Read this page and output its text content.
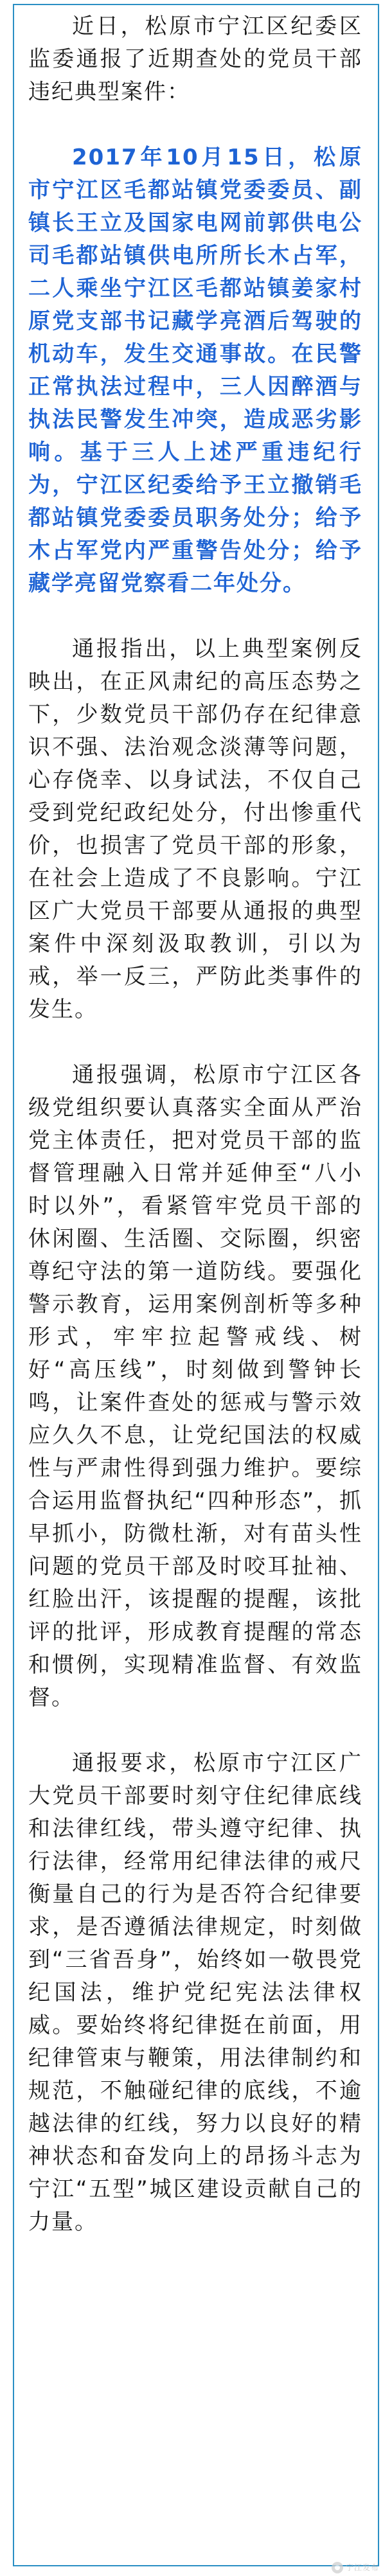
近日，松原市宁江区纪委区监委通报了近期查处的党员干部违纪典型案件：

2017年10月15日，松原市宁江区毛都站镇党委委员、副镇长王立及国家电网前郭供电公司毛都站镇供电所所长木占军，二人乘坐宁江区毛都站镇姜家村原党支部书记藏学亮酒后驾驶的机动车，发生交通事故。在民警正常执法过程中，三人因醉酒与执法民警发生冲突，造成恶劣影响。基于三人上述严重违纪行为，宁江区纪委给予王立撤销毛都站镇党委委员职务处分；给予木占军党内严重警告处分；给予藏学亮留党察看二年处分。

通报指出，以上典型案例反映出，在正风肃纪的高压态势之下，少数党员干部仍存在纪律意识不强、法治观念淡薄等问题，心存侥幸、以身试法，不仅自己受到党纪政纪处分，付出惨重代价，也损害了党员干部的形象，在社会上造成了不良影响。宁江区广大党员干部要从通报的典型案件中深刻汲取教训，引以为戒，举一反三，严防此类事件的发生。

通报强调，松原市宁江区各级党组织要认真落实全面从严治党主体责任，把对党员干部的监督管理融入日常并延伸至“八小时以外”，看紧管牢党员干部的休闲圈、生活圈、交际圈，织密尊纪守法的第一道防线。要强化警示教育，运用案例剖析等多种形式，牢牢拉起警戒线、树好“高压线”，时刻做到警钟长鸣，让案件查处的惩戒与警示效应久久不息，让党纪国法的权威性与严肃性得到强力维护。要综合运用监督执纪“四种形态”，抓早抓小，防微杜渐，对有苗头性问题的党员干部及时咬耳扯袖、红脸出汗，该提醒的提醒，该批评的批评，形成教育提醒的常态和惯例，实现精准监督、有效监督。

通报要求，松原市宁江区广大党员干部要时刻守住纪律底线和法律红线，带头遵守纪律、执行法律，经常用纪律法律的戒尺衡量自己的行为是否符合纪律要求，是否遵循法律规定，时刻做到“三省吾身”，始终如一敬畏党纪国法，维护党纪宪法法律权威。要始终将纪律挺在前面，用纪律管束与鞭策，用法律制约和规范，不触碰纪律的底线，不逾越法律的红线，努力以良好的精神状态和奋发向上的昂扬斗志为宁江“五型”城区建设贡献自己的力量。

宁江发布
